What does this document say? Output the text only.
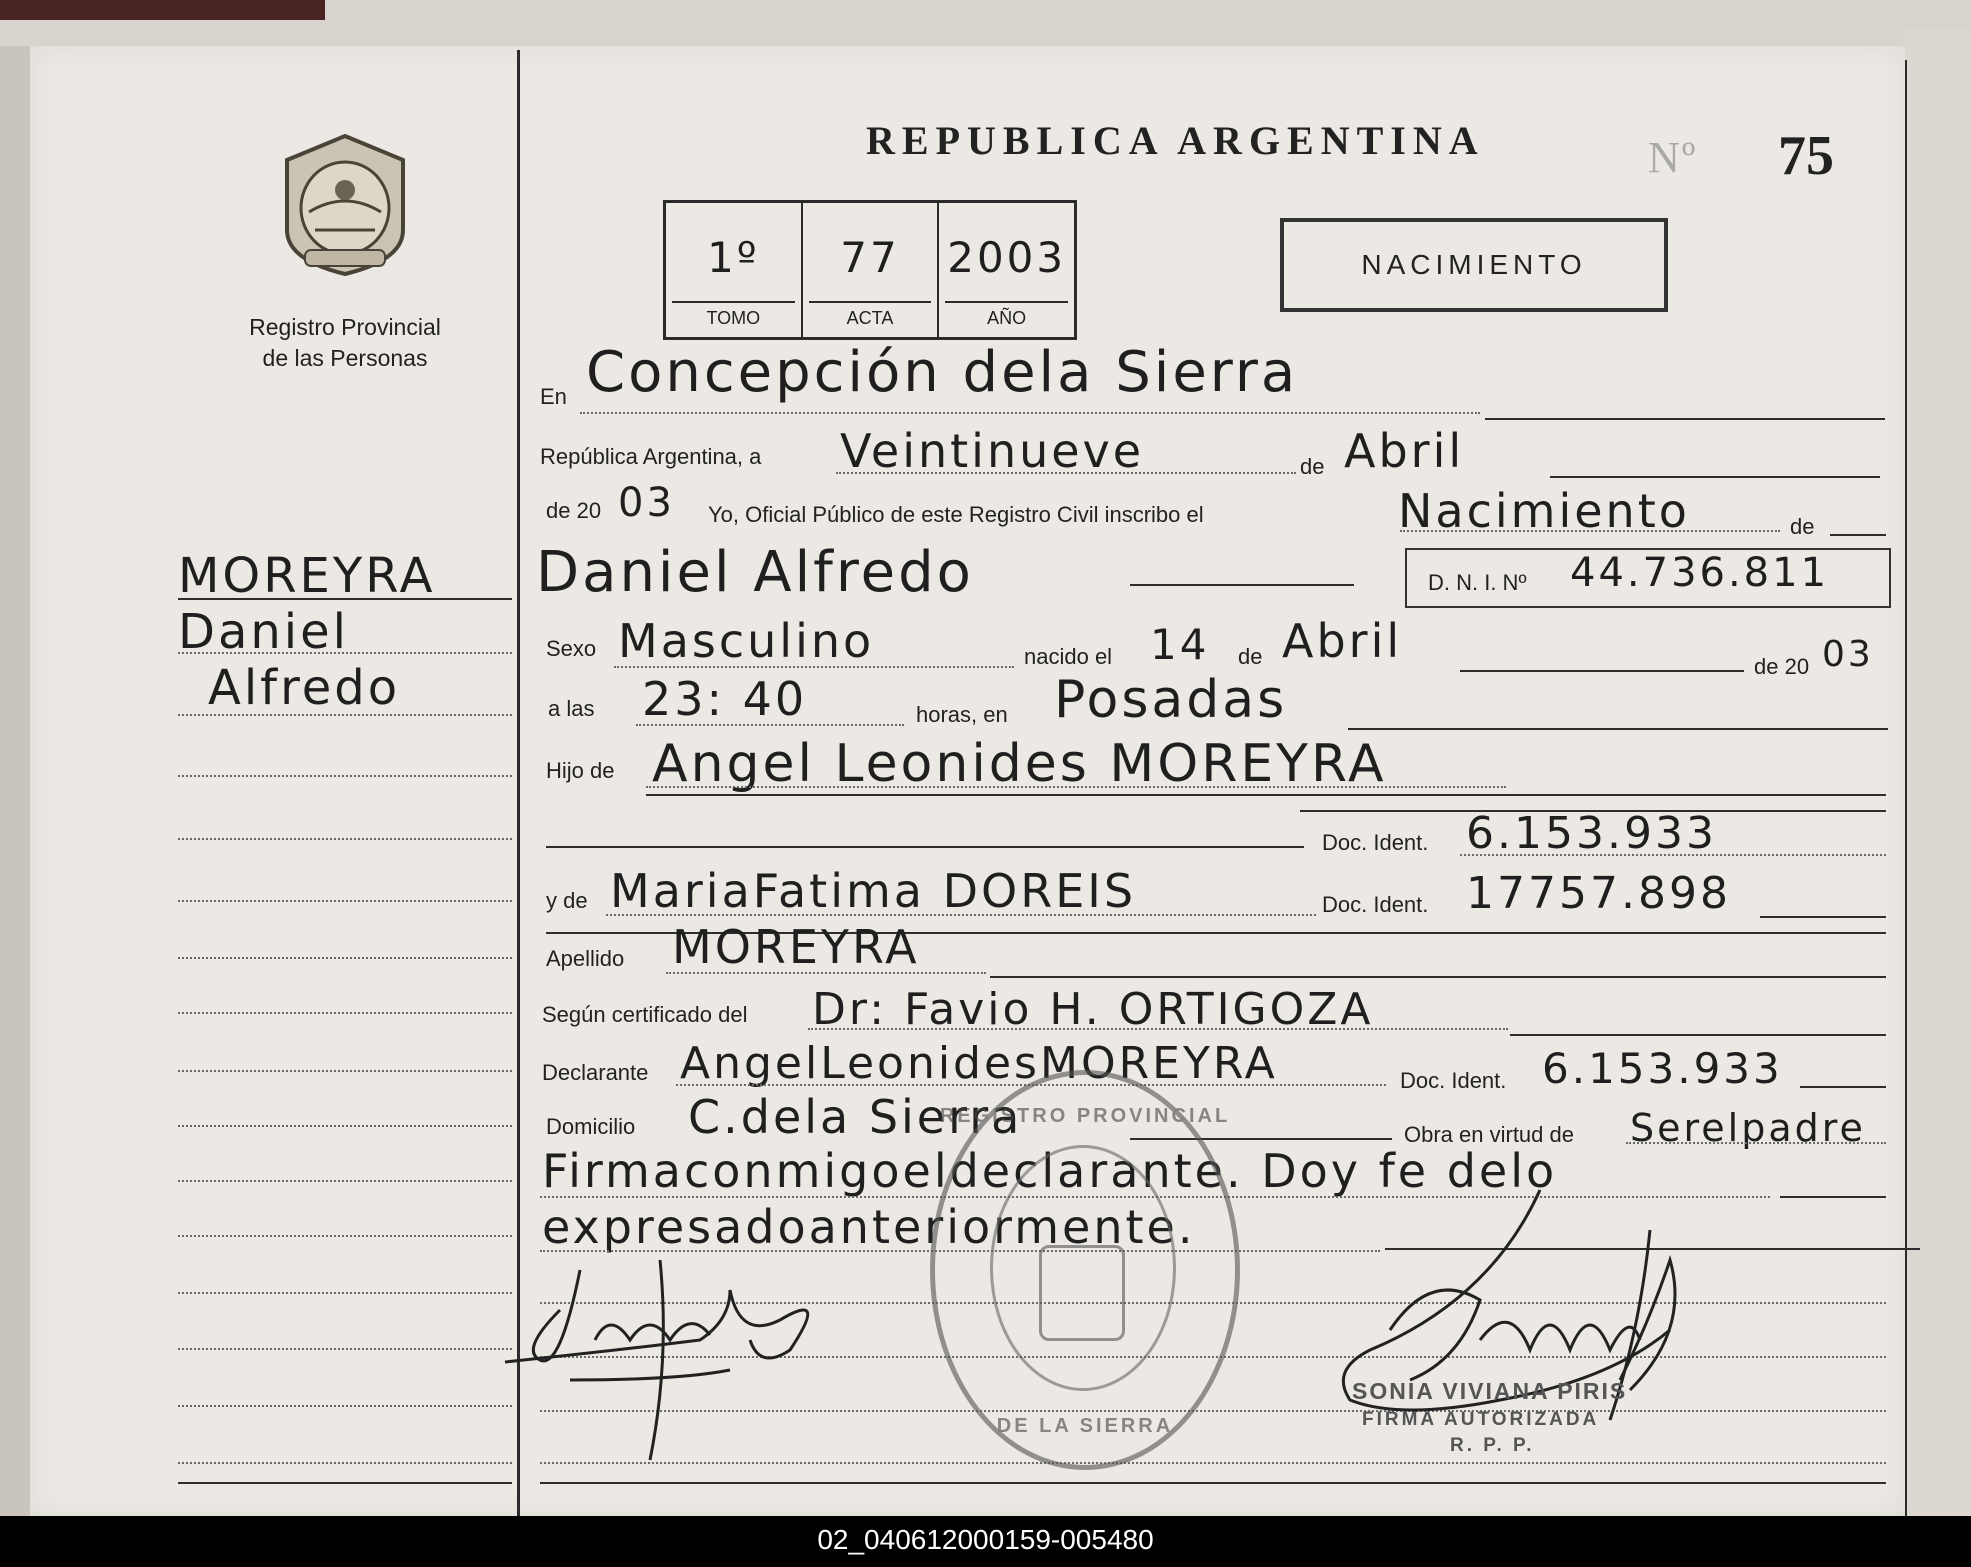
Registro Provincial
de las Personas
MOREYRA
Daniel
Alfredo
REPUBLICA ARGENTINA	Nº 75
1º
TOMO
77
ACTA
2003
AÑO
NACIMIENTO
En Concepción dela Sierra
República Argentina, a Veintinueve	de Abril
de 20 03 Yo, Oficial Público de este Registro Civil inscribo el	Nacimiento	de
Daniel Alfredo	D. N. I. Nº 44.736.811
Sexo Masculino	nacido el 14 de Abril	de 20 03
a las 23: 40	horas, en Posadas
Hijo de Angel Leonides MOREYRA
Doc. Ident. 6.153.933
y de MariaFatima DOREIS	Doc. Ident. 17757.898
Apellido MOREYRA
Según certificado del Dr: Favio H. ORTIGOZA
Declarante AngelLeonidesMOREYRA	Doc. Ident. 6.153.933
Domicilio C.dela Sierra	Obra en virtud de Serelpadre
Firmaconmigoeldeclarante. Doy fe delo
expresadoanteriormente.
REGISTRO PROVINCIAL
DE LA SIERRA
SONIA VIVIANA PIRIS
FIRMA AUTORIZADA
R. P. P.
02_040612000159-005480
